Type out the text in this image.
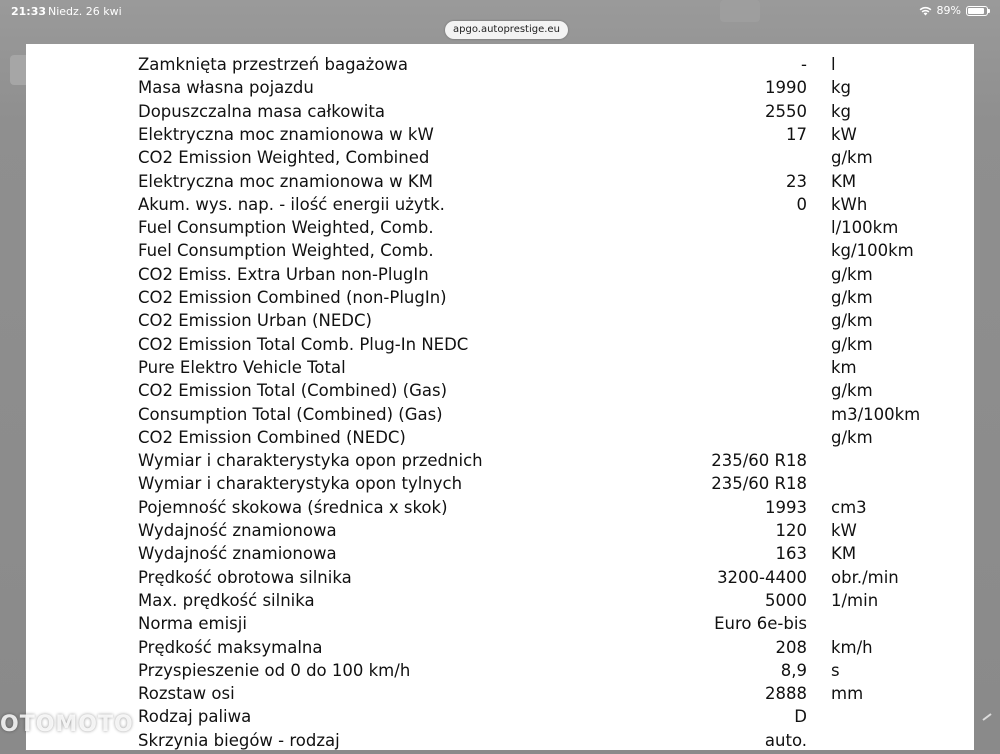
21:33 Niedz. 26 kwi	89%
apgo.autoprestige.eu
Zamknięta przestrzeń bagażowa	- l
Masa własna pojazdu	1990 kg
Dopuszczalna masa całkowita	2550 kg
Elektryczna moc znamionowa w kW	17 kW
CO2 Emission Weighted, Combined	g/km
Elektryczna moc znamionowa w KM	23 KM
Akum. wys. nap. - ilość energii użytk.	0 kWh
Fuel Consumption Weighted, Comb.	l/100km
Fuel Consumption Weighted, Comb.	kg/100km
CO2 Emiss. Extra Urban non-PlugIn	g/km
CO2 Emission Combined (non-PlugIn)	g/km
CO2 Emission Urban (NEDC)	g/km
CO2 Emission Total Comb. Plug-In NEDC	g/km
Pure Elektro Vehicle Total	km
CO2 Emission Total (Combined) (Gas)	g/km
Consumption Total (Combined) (Gas)	m3/100km
CO2 Emission Combined (NEDC)	g/km
Wymiar i charakterystyka opon przednich	235/60 R18
Wymiar i charakterystyka opon tylnych	235/60 R18
Pojemność skokowa (średnica x skok)	1993 cm3
Wydajność znamionowa	120 kW
Wydajność znamionowa	163 KM
Prędkość obrotowa silnika	3200-4400 obr./min
Max. prędkość silnika	5000 1/min
Norma emisji	Euro 6e-bis
Prędkość maksymalna	208 km/h
Przyspieszenie od 0 do 100 km/h	8,9 s
Rozstaw osi	2888 mm
Rodzaj paliwa	D
Skrzynia biegów - rodzaj	auto.
OTOMOTO
